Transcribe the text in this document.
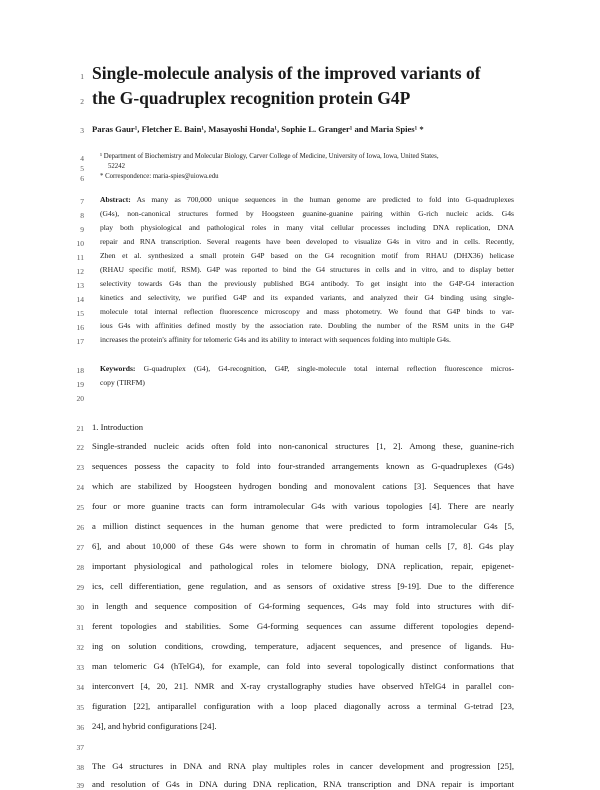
1 Single-molecule analysis of the improved variants of
2 the G-quadruplex recognition protein G4P
3 Paras Gaur¹, Fletcher E. Bain¹, Masayoshi Honda¹, Sophie L. Granger¹ and Maria Spies¹ *
4 ¹ Department of Biochemistry and Molecular Biology, Carver College of Medicine, University of Iowa, Iowa, United States,
5	52242
6 * Correspondence: maria-spies@uiowa.edu
7 Abstract: As many as 700,000 unique sequences in the human genome are predicted to fold into G-quadruplexes
8 (G4s), non-canonical structures formed by Hoogsteen guanine-guanine pairing within G-rich nucleic acids. G4s
9 play both physiological and pathological roles in many vital cellular processes including DNA replication, DNA
10 repair and RNA transcription. Several reagents have been developed to visualize G4s in vitro and in cells. Recently,
11 Zhen et al. synthesized a small protein G4P based on the G4 recognition motif from RHAU (DHX36) helicase
12 (RHAU specific motif, RSM). G4P was reported to bind the G4 structures in cells and in vitro, and to display better
13 selectivity towards G4s than the previously published BG4 antibody. To get insight into the G4P-G4 interaction
14 kinetics and selectivity, we purified G4P and its expanded variants, and analyzed their G4 binding using single-
15 molecule total internal reflection fluorescence microscopy and mass photometry. We found that G4P binds to var-
16 ious G4s with affinities defined mostly by the association rate. Doubling the number of the RSM units in the G4P
17 increases the protein's affinity for telomeric G4s and its ability to interact with sequences folding into multiple G4s.
18 Keywords: G-quadruplex (G4), G4-recognition, G4P, single-molecule total internal reflection fluorescence micros-
19 copy (TIRFM)
20
21 1. Introduction
22 Single-stranded nucleic acids often fold into non-canonical structures [1, 2]. Among these, guanine-rich
23 sequences possess the capacity to fold into four-stranded arrangements known as G-quadruplexes (G4s)
24 which are stabilized by Hoogsteen hydrogen bonding and monovalent cations [3]. Sequences that have
25 four or more guanine tracts can form intramolecular G4s with various topologies [4]. There are nearly
26 a million distinct sequences in the human genome that were predicted to form intramolecular G4s [5,
27 6], and about 10,000 of these G4s were shown to form in chromatin of human cells [7, 8]. G4s play
28 important physiological and pathological roles in telomere biology, DNA replication, repair, epigenet-
29 ics, cell differentiation, gene regulation, and as sensors of oxidative stress [9-19]. Due to the difference
30 in length and sequence composition of G4-forming sequences, G4s may fold into structures with dif-
31 ferent topologies and stabilities. Some G4-forming sequences can assume different topologies depend-
32 ing on solution conditions, crowding, temperature, adjacent sequences, and presence of ligands. Hu-
33 man telomeric G4 (hTelG4), for example, can fold into several topologically distinct conformations that
34 interconvert [4, 20, 21]. NMR and X-ray crystallography studies have observed hTelG4 in parallel con-
35 figuration [22], antiparallel configuration with a loop placed diagonally across a terminal G-tetrad [23,
36 24], and hybrid configurations [24].
37
38 The G4 structures in DNA and RNA play multiples roles in cancer development and progression [25],
39 and resolution of G4s in DNA during DNA replication, RNA transcription and DNA repair is important
